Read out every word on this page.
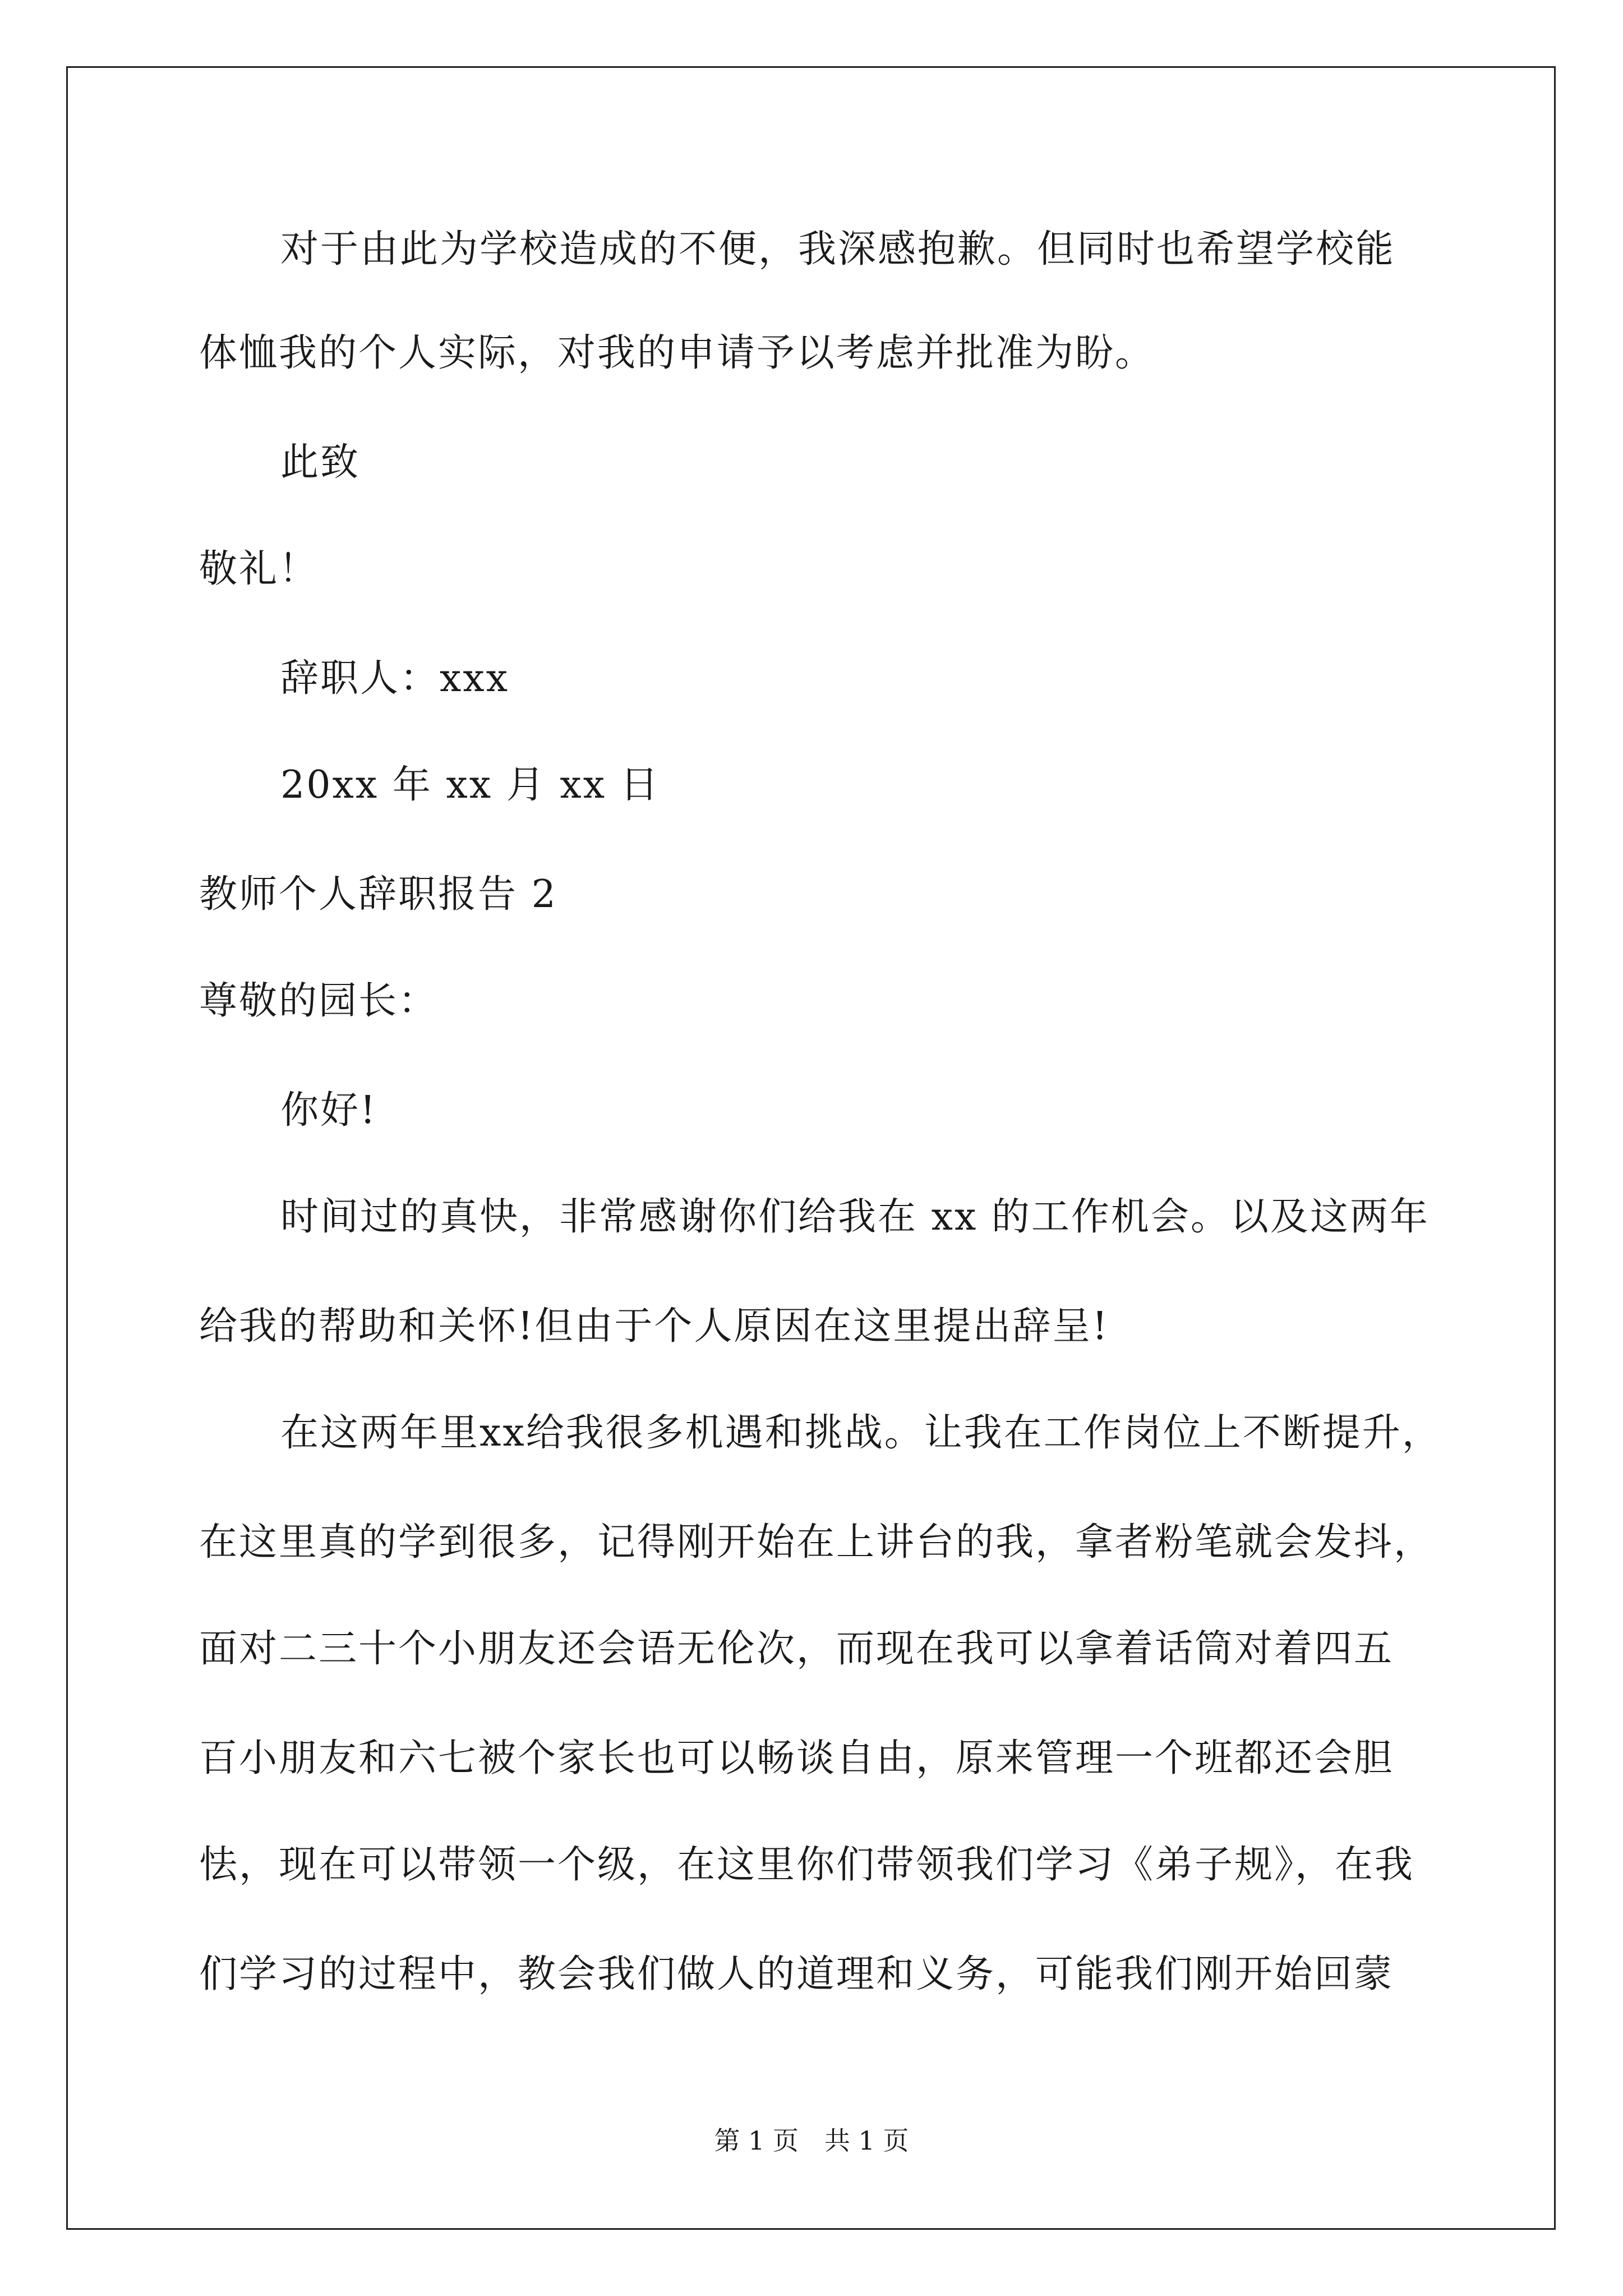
对于由此为学校造成的不便，我深感抱歉。但同时也希望学校能
体恤我的个人实际，对我的申请予以考虑并批准为盼。
此致
敬礼！
辞职人：xxx
20xx 年 xx 月 xx 日
教师个人辞职报告 2
尊敬的园长：
你好!
时间过的真快，非常感谢你们给我在 xx 的工作机会。以及这两年
给我的帮助和关怀!但由于个人原因在这里提出辞呈!
在这两年里xx给我很多机遇和挑战。让我在工作岗位上不断提升，
在这里真的学到很多，记得刚开始在上讲台的我，拿者粉笔就会发抖，
面对二三十个小朋友还会语无伦次，而现在我可以拿着话筒对着四五
百小朋友和六七被个家长也可以畅谈自由，原来管理一个班都还会胆
怯，现在可以带领一个级，在这里你们带领我们学习《弟子规》，在我
们学习的过程中，教会我们做人的道理和义务，可能我们刚开始回蒙
第 1 页　共 1 页
